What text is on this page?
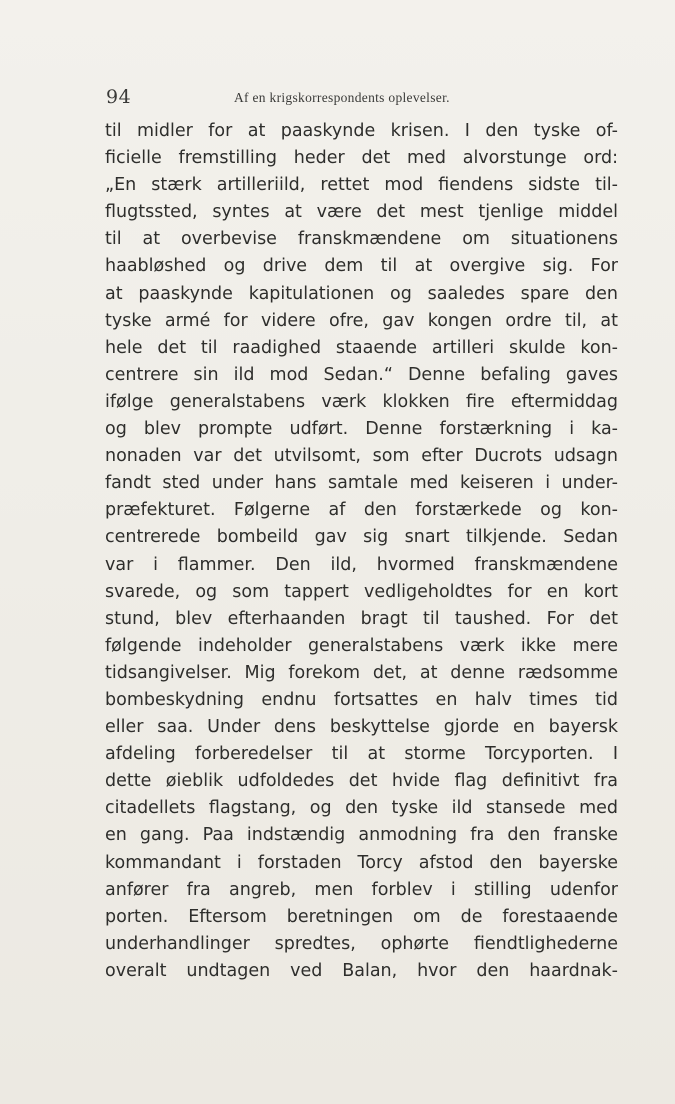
94	Af en krigskorrespondents oplevelser.
til midler for at paaskynde krisen. I den tyske of-
ficielle fremstilling heder det med alvorstunge ord:
„En stærk artilleriild, rettet mod fiendens sidste til-
flugtssted, syntes at være det mest tjenlige middel
til at overbevise franskmændene om situationens
haabløshed og drive dem til at overgive sig. For
at paaskynde kapitulationen og saaledes spare den
tyske armé for videre ofre, gav kongen ordre til, at
hele det til raadighed staaende artilleri skulde kon-
centrere sin ild mod Sedan.“ Denne befaling gaves
ifølge generalstabens værk klokken fire eftermiddag
og blev prompte udført. Denne forstærkning i ka-
nonaden var det utvilsomt, som efter Ducrots udsagn
fandt sted under hans samtale med keiseren i under-
præfekturet. Følgerne af den forstærkede og kon-
centrerede bombeild gav sig snart tilkjende. Sedan
var i flammer. Den ild, hvormed franskmændene
svarede, og som tappert vedligeholdtes for en kort
stund, blev efterhaanden bragt til taushed. For det
følgende indeholder generalstabens værk ikke mere
tidsangivelser. Mig forekom det, at denne rædsomme
bombeskydning endnu fortsattes en halv times tid
eller saa. Under dens beskyttelse gjorde en bayersk
afdeling forberedelser til at storme Torcyporten. I
dette øieblik udfoldedes det hvide flag definitivt fra
citadellets flagstang, og den tyske ild stansede med
en gang. Paa indstændig anmodning fra den franske
kommandant i forstaden Torcy afstod den bayerske
anfører fra angreb, men forblev i stilling udenfor
porten. Eftersom beretningen om de forestaaende
underhandlinger spredtes, ophørte fiendtlighederne
overalt undtagen ved Balan, hvor den haardnak-
